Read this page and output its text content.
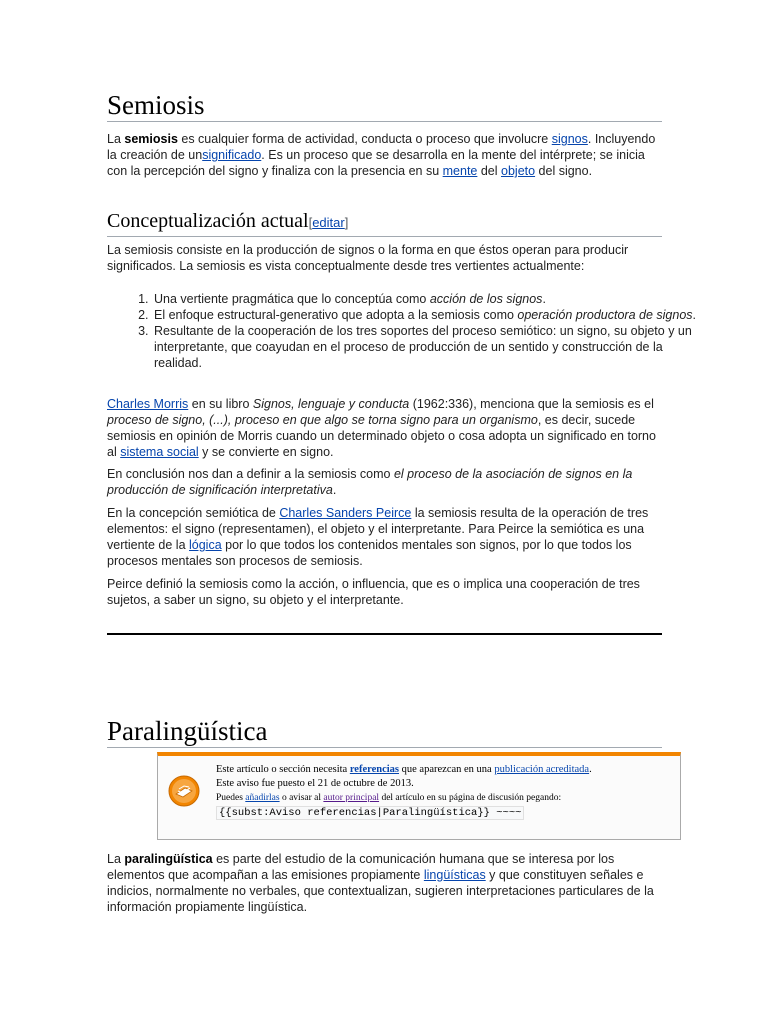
Semiosis

La semiosis es cualquier forma de actividad, conducta o proceso que involucre signos. Incluyendo la creación de unsignificado. Es un proceso que se desarrolla en la mente del intérprete; se inicia con la percepción del signo y finaliza con la presencia en su mente del objeto del signo.

Conceptualización actual[editar]

La semiosis consiste en la producción de signos o la forma en que éstos operan para producir significados. La semiosis es vista conceptualmente desde tres vertientes actualmente:

1. Una vertiente pragmática que lo conceptúa como acción de los signos.
2. El enfoque estructural-generativo que adopta a la semiosis como operación productora de signos.
3. Resultante de la cooperación de los tres soportes del proceso semiótico: un signo, su objeto y un interpretante, que coayudan en el proceso de producción de un sentido y construcción de la realidad.

Charles Morris en su libro Signos, lenguaje y conducta (1962:336), menciona que la semiosis es el proceso de signo, (...), proceso en que algo se torna signo para un organismo, es decir, sucede semiosis en opinión de Morris cuando un determinado objeto o cosa adopta un significado en torno al sistema social y se convierte en signo.

En conclusión nos dan a definir a la semiosis como el proceso de la asociación de signos en la producción de significación interpretativa.

En la concepción semiótica de Charles Sanders Peirce la semiosis resulta de la operación de tres elementos: el signo (representamen), el objeto y el interpretante. Para Peirce la semiótica es una vertiente de la lógica por lo que todos los contenidos mentales son signos, por lo que todos los procesos mentales son procesos de semiosis.

Peirce definió la semiosis como la acción, o influencia, que es o implica una cooperación de tres sujetos, a saber un signo, su objeto y el interpretante.

Paralingüística
Este artículo o sección necesita referencias que aparezcan en una publicación acreditada.
Este aviso fue puesto el 21 de octubre de 2013.
Puedes añadirlas o avisar al autor principal del artículo en su página de discusión pegando:
{{subst:Aviso referencias|Paralingüística}} ~~~~

La paralingüística es parte del estudio de la comunicación humana que se interesa por los elementos que acompañan a las emisiones propiamente lingüísticas y que constituyen señales e indicios, normalmente no verbales, que contextualizan, sugieren interpretaciones particulares de la información propiamente lingüística.
